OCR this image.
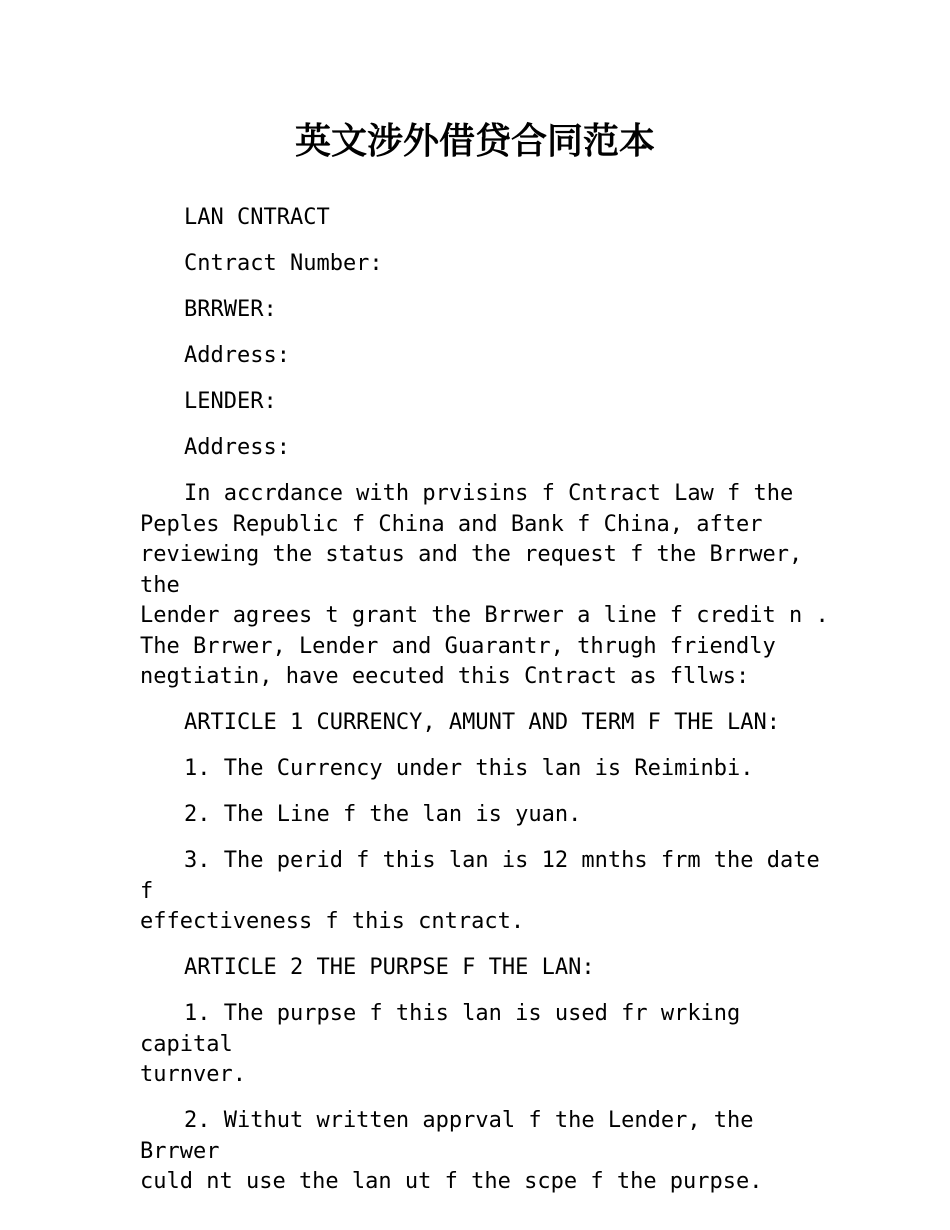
英文涉外借贷合同范本

LAN CNTRACT

Cntract Number:

BRRWER:

Address:

LENDER:

Address:

In accrdance with prvisins f Cntract Law f the
Peples Republic f China and Bank f China, after
reviewing the status and the request f the Brrwer, the
Lender agrees t grant the Brrwer a line f credit n .
The Brrwer, Lender and Guarantr, thrugh friendly
negtiatin, have eecuted this Cntract as fllws:

ARTICLE 1 CURRENCY, AMUNT AND TERM F THE LAN:

1. The Currency under this lan is Reiminbi.

2. The Line f the lan is yuan.

3. The perid f this lan is 12 mnths frm the date f
effectiveness f this cntract.

ARTICLE 2 THE PURPSE F THE LAN:

1. The purpse f this lan is used fr wrking capital
turnver.

2. Withut written apprval f the Lender, the Brrwer
culd nt use the lan ut f the scpe f the purpse.
